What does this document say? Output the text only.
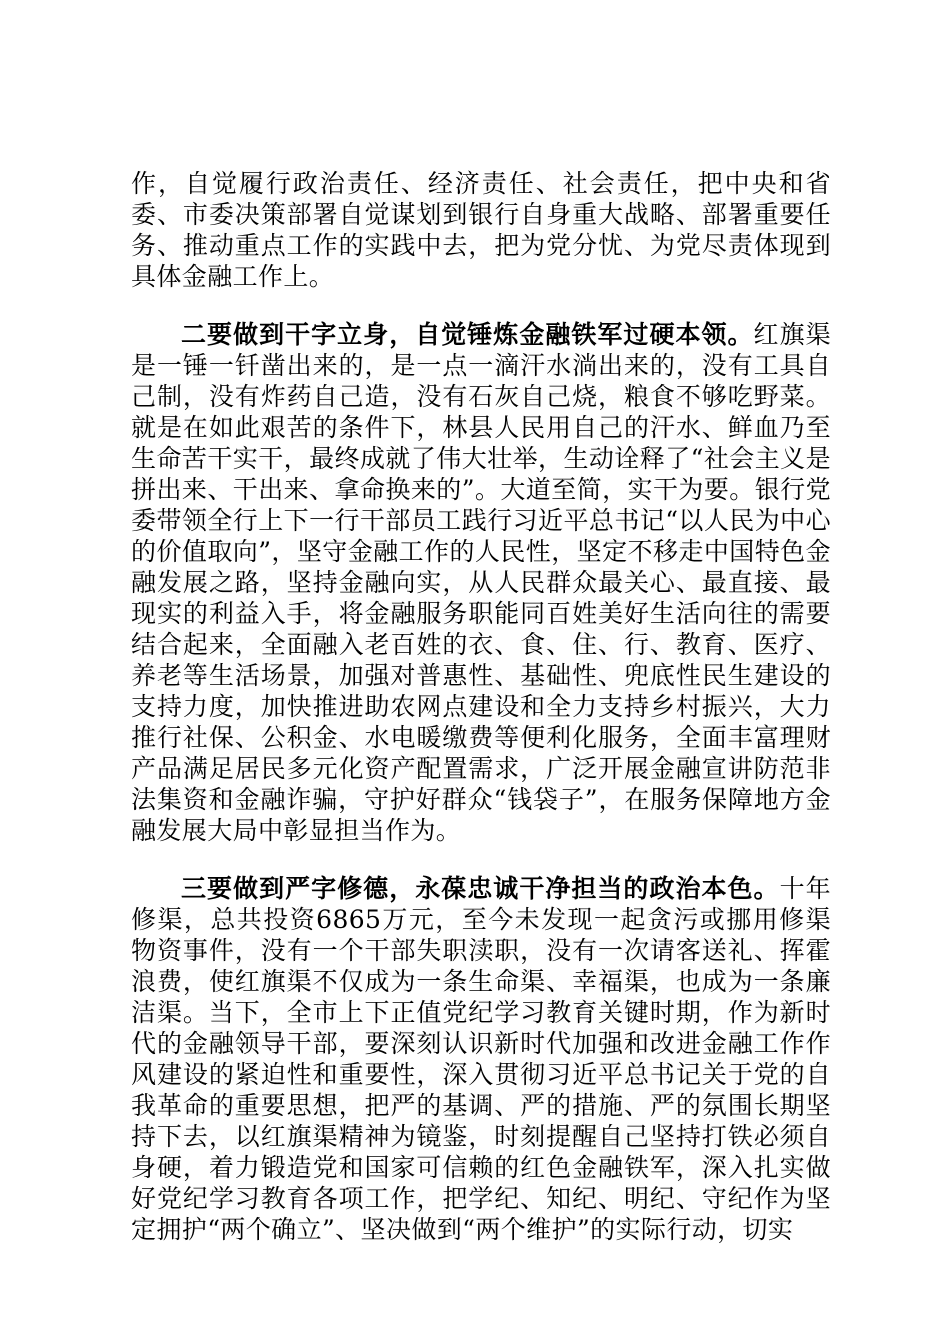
作，自觉履行政治责任、经济责任、社会责任，把中央和省委、市委决策部署自觉谋划到银行自身重大战略、部署重要任务、推动重点工作的实践中去，把为党分忧、为党尽责体现到具体金融工作上。

二要做到干字立身，自觉锤炼金融铁军过硬本领。红旗渠是一锤一钎凿出来的，是一点一滴汗水淌出来的，没有工具自己制，没有炸药自己造，没有石灰自己烧，粮食不够吃野菜。就是在如此艰苦的条件下，林县人民用自己的汗水、鲜血乃至生命苦干实干，最终成就了伟大壮举，生动诠释了“社会主义是拼出来、干出来、拿命换来的”。大道至简，实干为要。银行党委带领全行上下一行干部员工践行习近平总书记“以人民为中心的价值取向”，坚守金融工作的人民性，坚定不移走中国特色金融发展之路，坚持金融向实，从人民群众最关心、最直接、最现实的利益入手，将金融服务职能同百姓美好生活向往的需要结合起来，全面融入老百姓的衣、食、住、行、教育、医疗、养老等生活场景，加强对普惠性、基础性、兜底性民生建设的支持力度，加快推进助农网点建设和全力支持乡村振兴，大力推行社保、公积金、水电暖缴费等便利化服务，全面丰富理财产品满足居民多元化资产配置需求，广泛开展金融宣讲防范非法集资和金融诈骗，守护好群众“钱袋子”，在服务保障地方金融发展大局中彰显担当作为。

三要做到严字修德，永葆忠诚干净担当的政治本色。十年修渠，总共投资6865万元，至今未发现一起贪污或挪用修渠物资事件，没有一个干部失职渎职，没有一次请客送礼、挥霍浪费，使红旗渠不仅成为一条生命渠、幸福渠，也成为一条廉洁渠。当下，全市上下正值党纪学习教育关键时期，作为新时代的金融领导干部，要深刻认识新时代加强和改进金融工作作风建设的紧迫性和重要性，深入贯彻习近平总书记关于党的自我革命的重要思想，把严的基调、严的措施、严的氛围长期坚持下去，以红旗渠精神为镜鉴，时刻提醒自己坚持打铁必须自身硬，着力锻造党和国家可信赖的红色金融铁军，深入扎实做好党纪学习教育各项工作，把学纪、知纪、明纪、守纪作为坚定拥护“两个确立”、坚决做到“两个维护”的实际行动，切实
